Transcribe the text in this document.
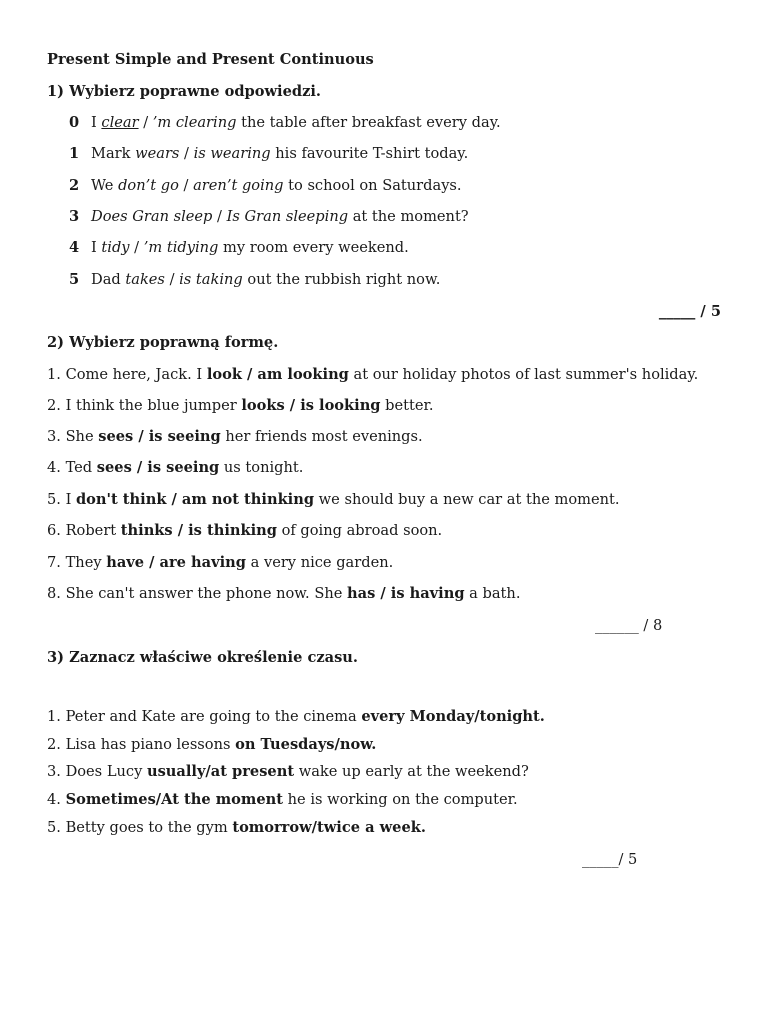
Present Simple and Present Continuous
1) Wybierz poprawne odpowiedzi.
0 I clear / ’m clearing the table after breakfast every day.
1 Mark wears / is wearing his favourite T-shirt today.
2 We don’t go / aren’t going to school on Saturdays.
3 Does Gran sleep / Is Gran sleeping at the moment?
4 I tidy / ’m tidying my room every weekend.
5 Dad takes / is taking out the rubbish right now.
_____ / 5
2) Wybierz poprawną formę.
1. Come here, Jack. I look / am looking at our holiday photos of last summer's holiday.
2. I think the blue jumper looks / is looking better.
3. She sees / is seeing her friends most evenings.
4. Ted sees / is seeing us tonight.
5. I don't think / am not thinking we should buy a new car at the moment.
6. Robert thinks / is thinking of going abroad soon.
7. They have / are having a very nice garden.
8. She can't answer the phone now. She has / is having a bath.
______ / 8
3) Zaznacz właściwe określenie czasu.
1. Peter and Kate are going to the cinema every Monday/tonight.
2. Lisa has piano lessons on Tuesdays/now.
3. Does Lucy usually/at present wake up early at the weekend?
4. Sometimes/At the moment he is working on the computer.
5. Betty goes to the gym tomorrow/twice a week.
_____/ 5
